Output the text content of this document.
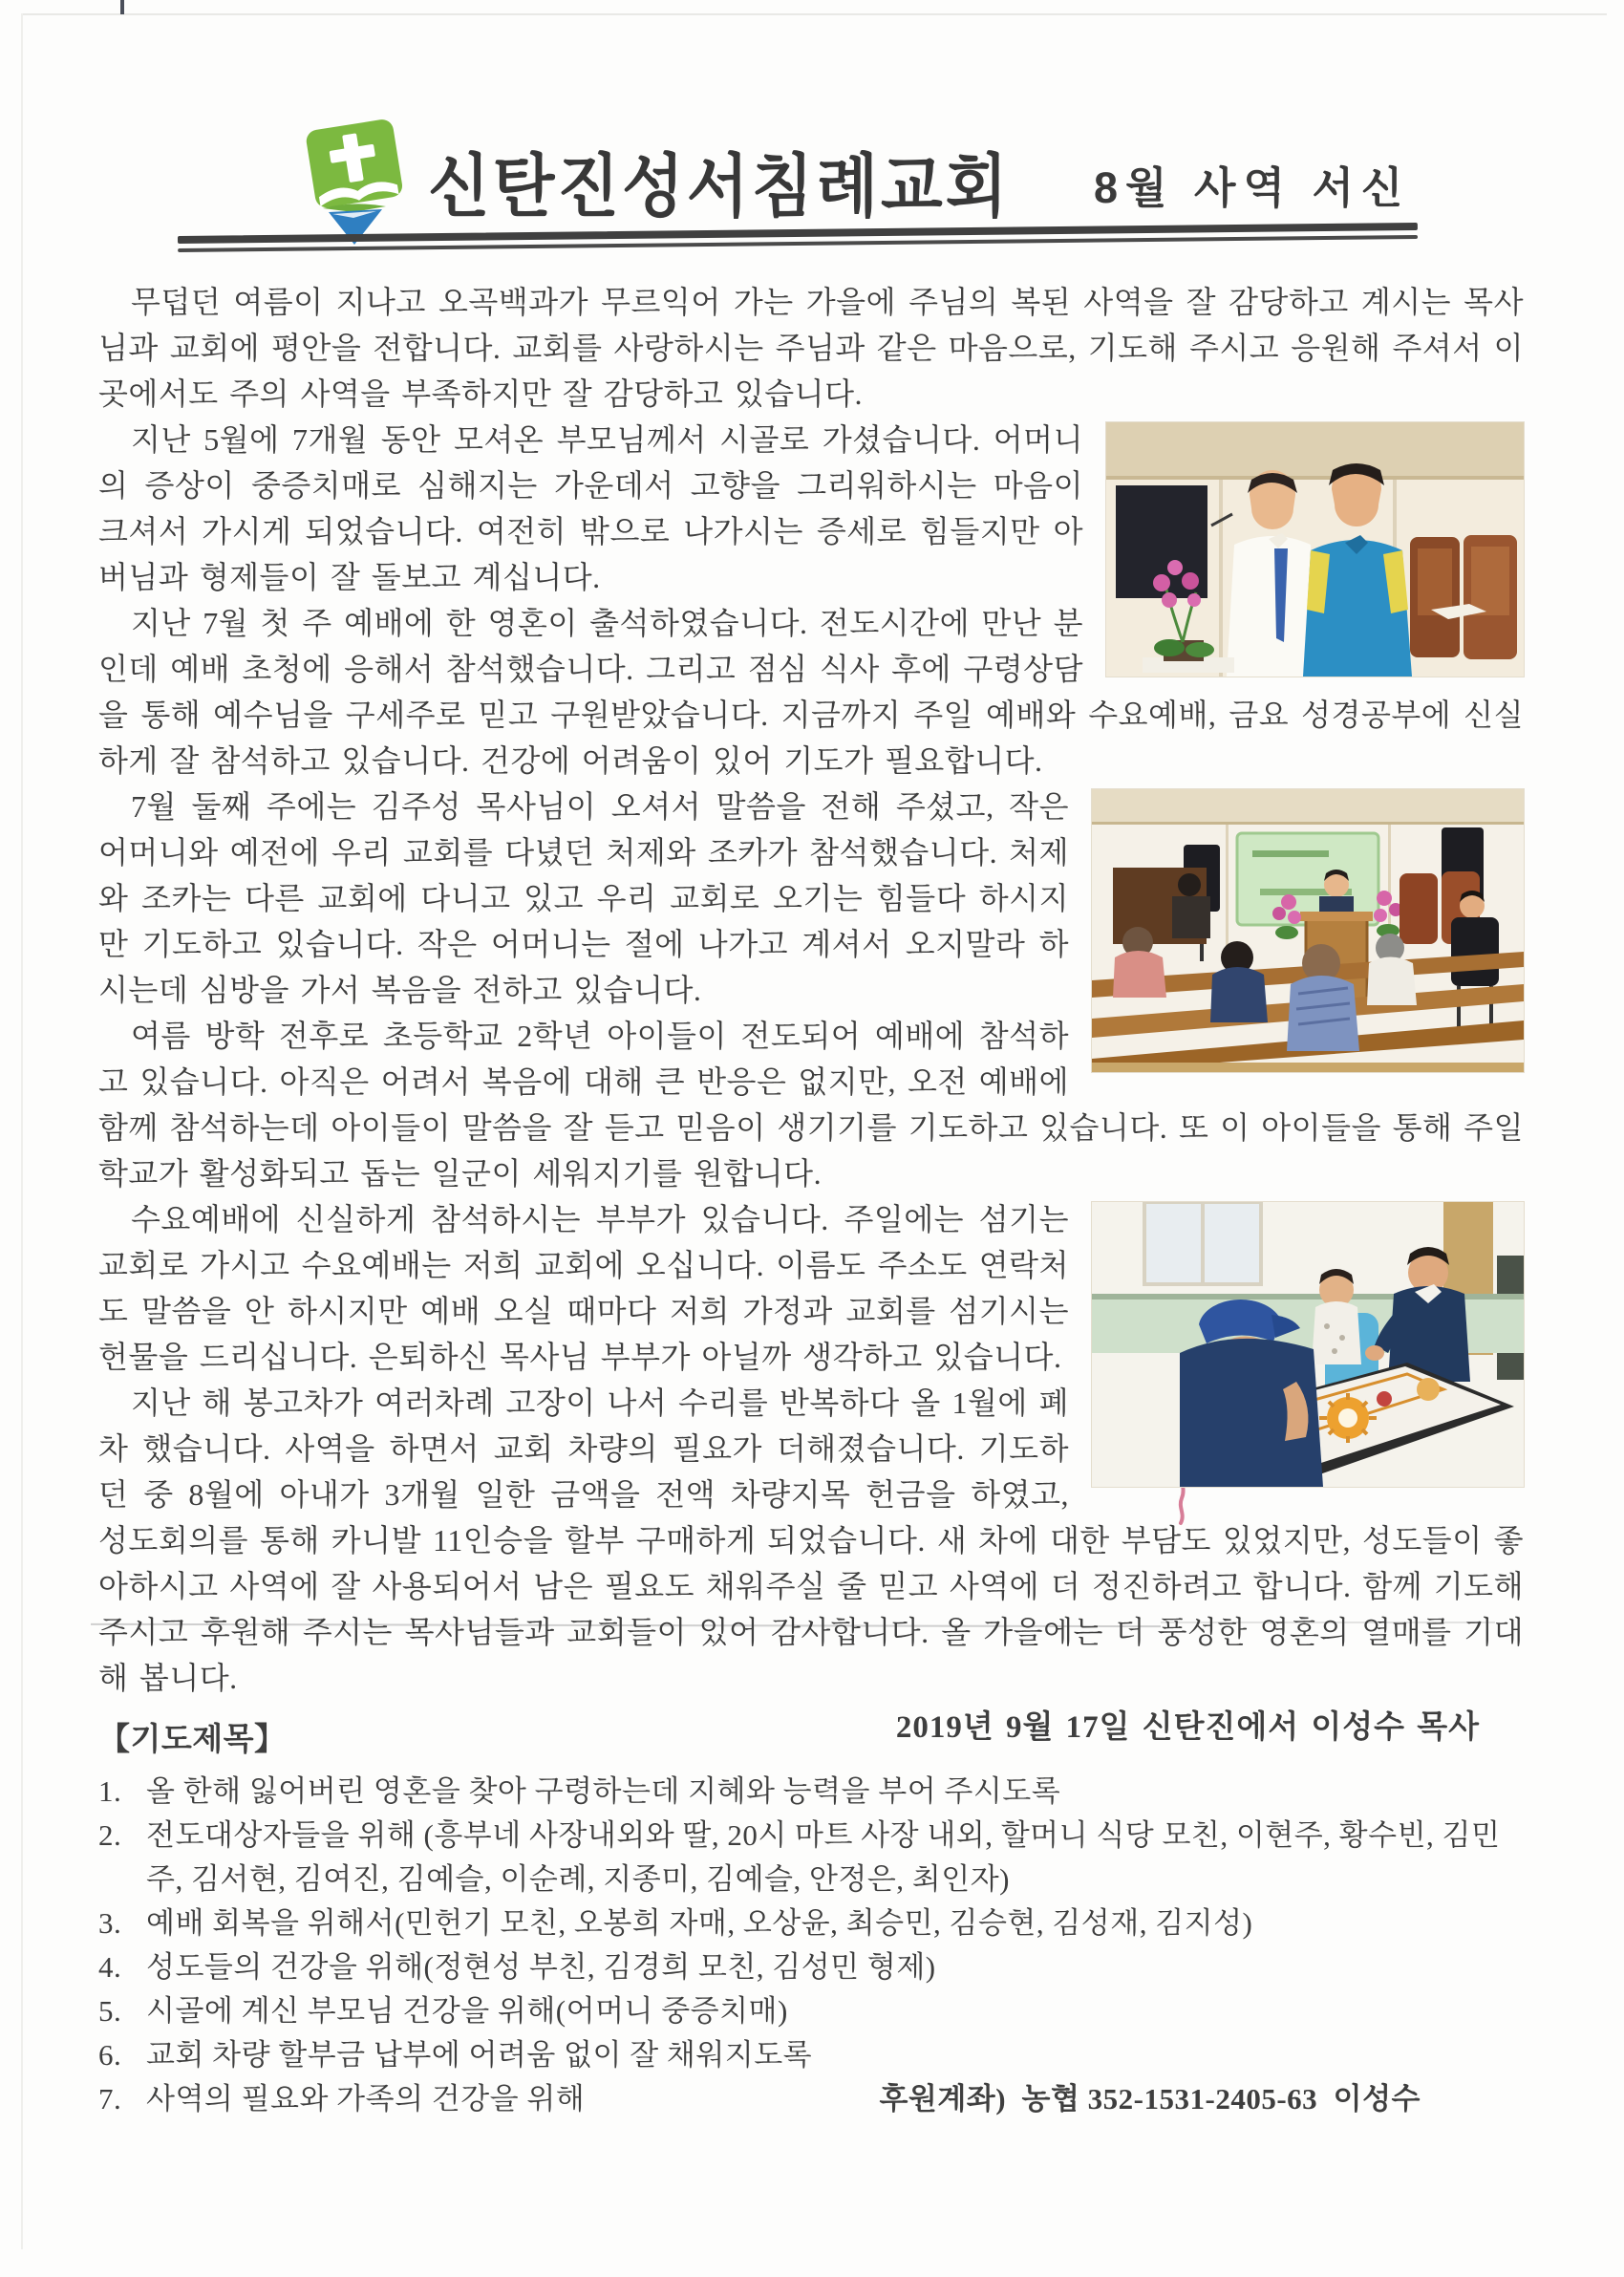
신탄진성서침례교회	8월 사역 서신

무덥던 여름이 지나고 오곡백과가 무르익어 가는 가을에 주님의 복된 사역을 잘 감당하고 계시는 목사님과 교회에 평안을 전합니다. 교회를 사랑하시는 주님과 같은 마음으로, 기도해 주시고 응원해 주셔서 이곳에서도 주의 사역을 부족하지만 잘 감당하고 있습니다.

지난 5월에 7개월 동안 모셔온 부모님께서 시골로 가셨습니다. 어머니의 증상이 중증치매로 심해지는 가운데서 고향을 그리워하시는 마음이 크셔서 가시게 되었습니다. 여전히 밖으로 나가시는 증세로 힘들지만 아버님과 형제들이 잘 돌보고 계십니다.

지난 7월 첫 주 예배에 한 영혼이 출석하였습니다. 전도시간에 만난 분인데 예배 초청에 응해서 참석했습니다. 그리고 점심 식사 후에 구령상담을 통해 예수님을 구세주로 믿고 구원받았습니다. 지금까지 주일 예배와 수요예배, 금요 성경공부에 신실하게 잘 참석하고 있습니다. 건강에 어려움이 있어 기도가 필요합니다.

7월 둘째 주에는 김주성 목사님이 오셔서 말씀을 전해 주셨고, 작은 어머니와 예전에 우리 교회를 다녔던 처제와 조카가 참석했습니다. 처제와 조카는 다른 교회에 다니고 있고 우리 교회로 오기는 힘들다 하시지만 기도하고 있습니다. 작은 어머니는 절에 나가고 계셔서 오지말라 하시는데 심방을 가서 복음을 전하고 있습니다.

여름 방학 전후로 초등학교 2학년 아이들이 전도되어 예배에 참석하고 있습니다. 아직은 어려서 복음에 대해 큰 반응은 없지만, 오전 예배에 함께 참석하는데 아이들이 말씀을 잘 듣고 믿음이 생기기를 기도하고 있습니다. 또 이 아이들을 통해 주일학교가 활성화되고 돕는 일군이 세워지기를 원합니다.

수요예배에 신실하게 참석하시는 부부가 있습니다. 주일에는 섬기는 교회로 가시고 수요예배는 저희 교회에 오십니다. 이름도 주소도 연락처도 말씀을 안 하시지만 예배 오실 때마다 저희 가정과 교회를 섬기시는 헌물을 드리십니다. 은퇴하신 목사님 부부가 아닐까 생각하고 있습니다.

지난 해 봉고차가 여러차례 고장이 나서 수리를 반복하다 올 1월에 폐차 했습니다. 사역을 하면서 교회 차량의 필요가 더해졌습니다. 기도하던 중 8월에 아내가 3개월 일한 금액을 전액 차량지목 헌금을 하였고, 성도회의를 통해 카니발 11인승을 할부 구매하게 되었습니다. 새 차에 대한 부담도 있었지만, 성도들이 좋아하시고 사역에 잘 사용되어서 남은 필요도 채워주실 줄 믿고 사역에 더 정진하려고 합니다. 함께 기도해 주시고 후원해 주시는 목사님들과 교회들이 있어 감사합니다. 올 가을에는 더 풍성한 영혼의 열매를 기대해 봅니다.

2019년 9월 17일 신탄진에서 이성수 목사
【기도제목】
1. 올 한해 잃어버린 영혼을 찾아 구령하는데 지혜와 능력을 부어 주시도록
2. 전도대상자들을 위해 (흥부네 사장내외와 딸, 20시 마트 사장 내외, 할머니 식당 모친, 이현주, 황수빈, 김민주, 김서현, 김여진, 김예슬, 이순례, 지종미, 김예슬, 안정은, 최인자)
3. 예배 회복을 위해서(민헌기 모친, 오봉희 자매, 오상윤, 최승민, 김승현, 김성재, 김지성)
4. 성도들의 건강을 위해(정현성 부친, 김경희 모친, 김성민 형제)
5. 시골에 계신 부모님 건강을 위해(어머니 중증치매)
6. 교회 차량 할부금 납부에 어려움 없이 잘 채워지도록
7. 사역의 필요와 가족의 건강을 위해	후원계좌)  농협 352-1531-2405-63  이성수
